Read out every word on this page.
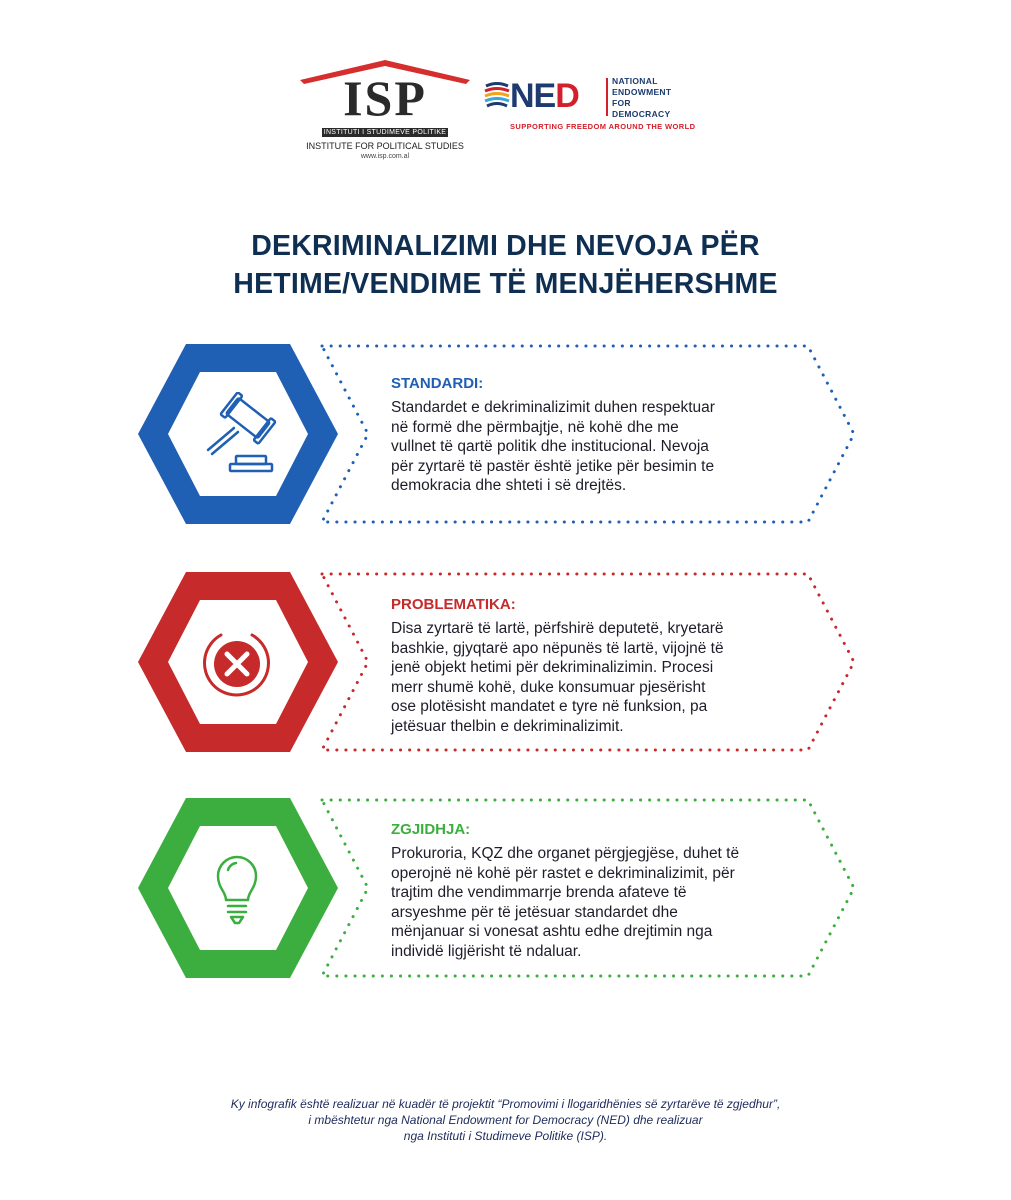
ISP
INSTITUTI I STUDIMEVE POLITIKE
INSTITUTE FOR POLITICAL STUDIES
www.isp.com.al
NED	NATIONAL
ENDOWMENT
FOR
DEMOCRACY
SUPPORTING FREEDOM AROUND THE WORLD
DEKRIMINALIZIMI DHE NEVOJA PËR
HETIME/VENDIME TË MENJËHERSHME
STANDARDI:
Standardet e dekriminalizimit duhen respektuar
në formë dhe përmbajtje, në kohë dhe me
vullnet të qartë politik dhe institucional. Nevoja
për zyrtarë të pastër është jetike për besimin te
demokracia dhe shteti i së drejtës.
PROBLEMATIKA:
Disa zyrtarë të lartë, përfshirë deputetë, kryetarë
bashkie, gjyqtarë apo nëpunës të lartë, vijojnë të
jenë objekt hetimi për dekriminalizimin. Procesi
merr shumë kohë, duke konsumuar pjesërisht
ose plotësisht mandatet e tyre në funksion, pa
jetësuar thelbin e dekriminalizimit.
ZGJIDHJA:
Prokuroria, KQZ dhe organet përgjegjëse, duhet të
operojnë në kohë për rastet e dekriminalizimit, për
trajtim dhe vendimmarrje brenda afateve të
arsyeshme për të jetësuar standardet dhe
mënjanuar si vonesat ashtu edhe drejtimin nga
individë ligjërisht të ndaluar.
Ky infografik është realizuar në kuadër të projektit “Promovimi i llogaridhënies së zyrtarëve të zgjedhur”,
i mbështetur nga National Endowment for Democracy (NED) dhe realizuar
nga Instituti i Studimeve Politike (ISP).
